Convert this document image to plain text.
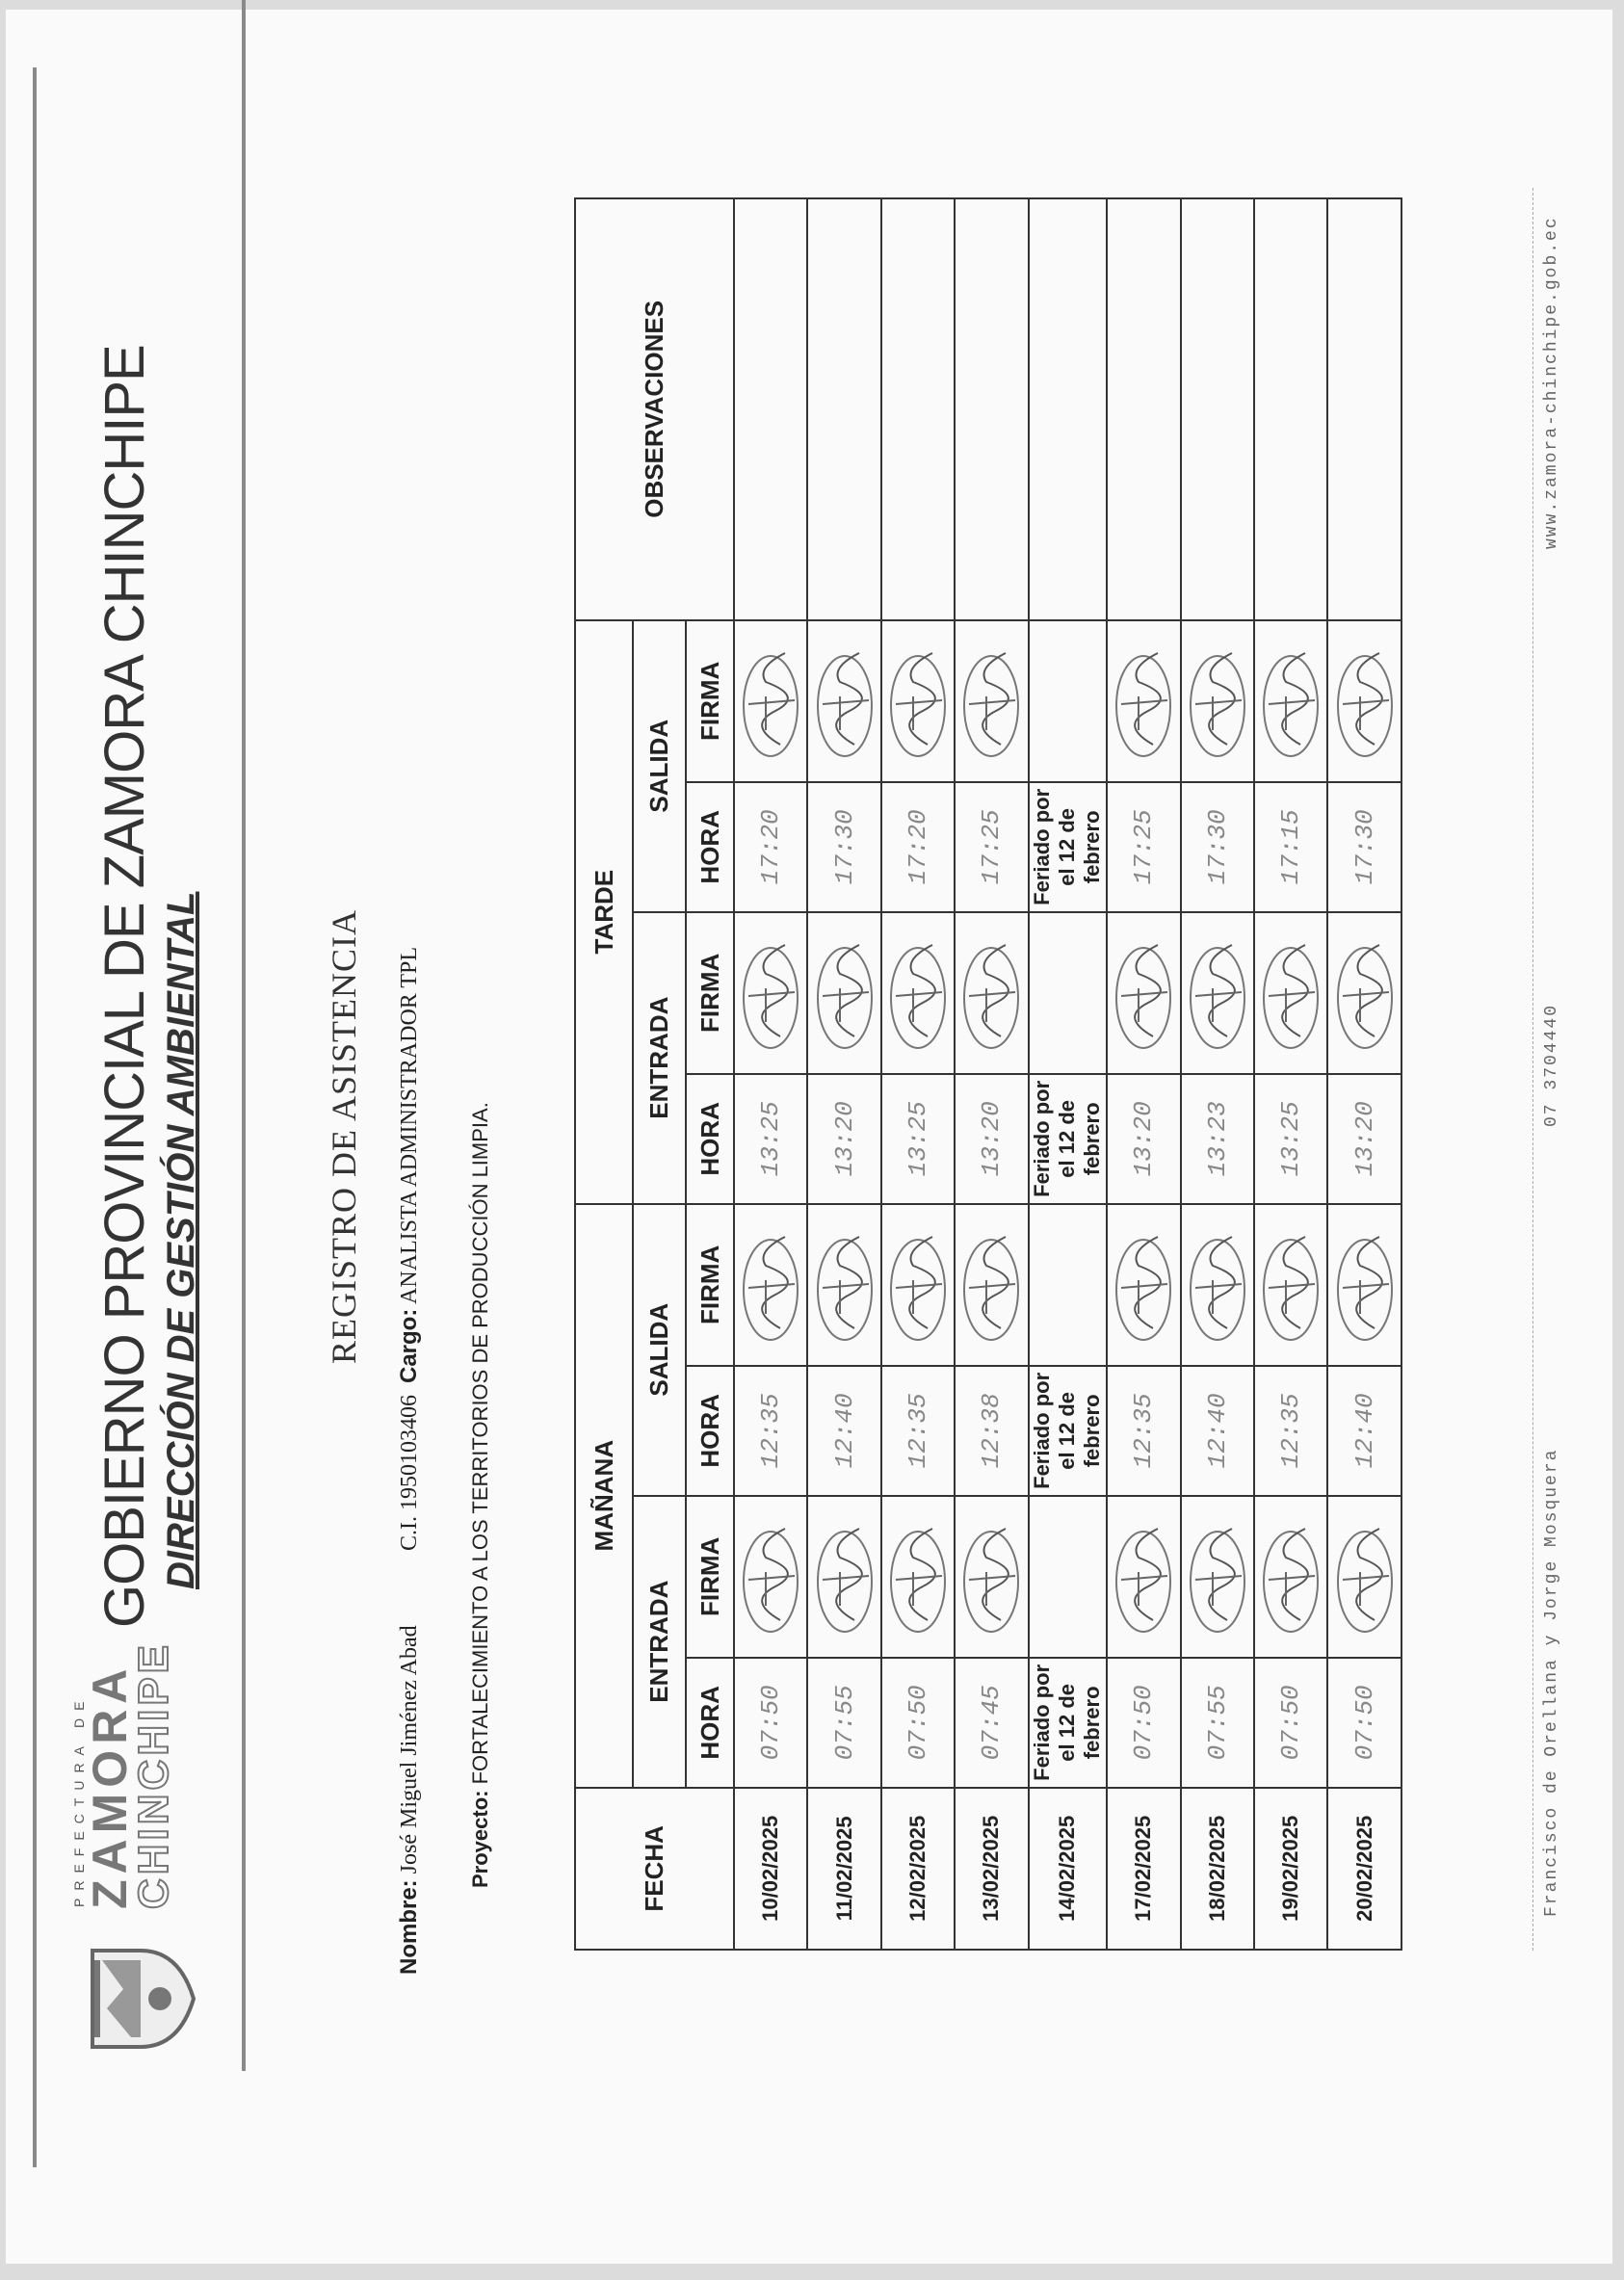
PREFECTURA DE
ZAMORA
CHINCHIPE
GOBIERNO PROVINCIAL DE ZAMORA CHINCHIPE DIRECCIÓN DE GESTIÓN AMBIENTAL	REGISTRO DE ASISTENCIA
Nombre: José Miguel Jiménez Abad
C.I. 1950103406  Cargo: ANALISTA ADMINISTRADOR TPL
Proyecto: FORTALECIMIENTO A LOS TERRITORIOS DE PRODUCCIÓN LIMPIA.
FECHA	MAÑANA				TARDE				OBSERVACIONES
	ENTRADA		SALIDA		ENTRADA		SALIDA		
	HORA	FIRMA	HORA	FIRMA	HORA	FIRMA	HORA	FIRMA	
10/02/2025	07:50		12:35		13:25		17:20	

11/02/2025	07:55		12:40		13:20		17:30	

12/02/2025	07:50		12:35		13:25		17:20	

13/02/2025	07:45		12:38		13:20		17:25	

14/02/2025	Feriado por el 12 de febrero		Feriado por el 12 de febrero		Feriado por el 12 de febrero		Feriado por el 12 de febrero		
17/02/2025	07:50		12:35		13:20		17:25	

18/02/2025	07:55		12:40		13:23		17:30	

19/02/2025	07:50		12:35		13:25		17:15	

20/02/2025	07:50		12:40		13:20		17:30	

Francisco de Orellana y Jorge Mosquera
07 3704440
www.zamora-chinchipe.gob.ec
